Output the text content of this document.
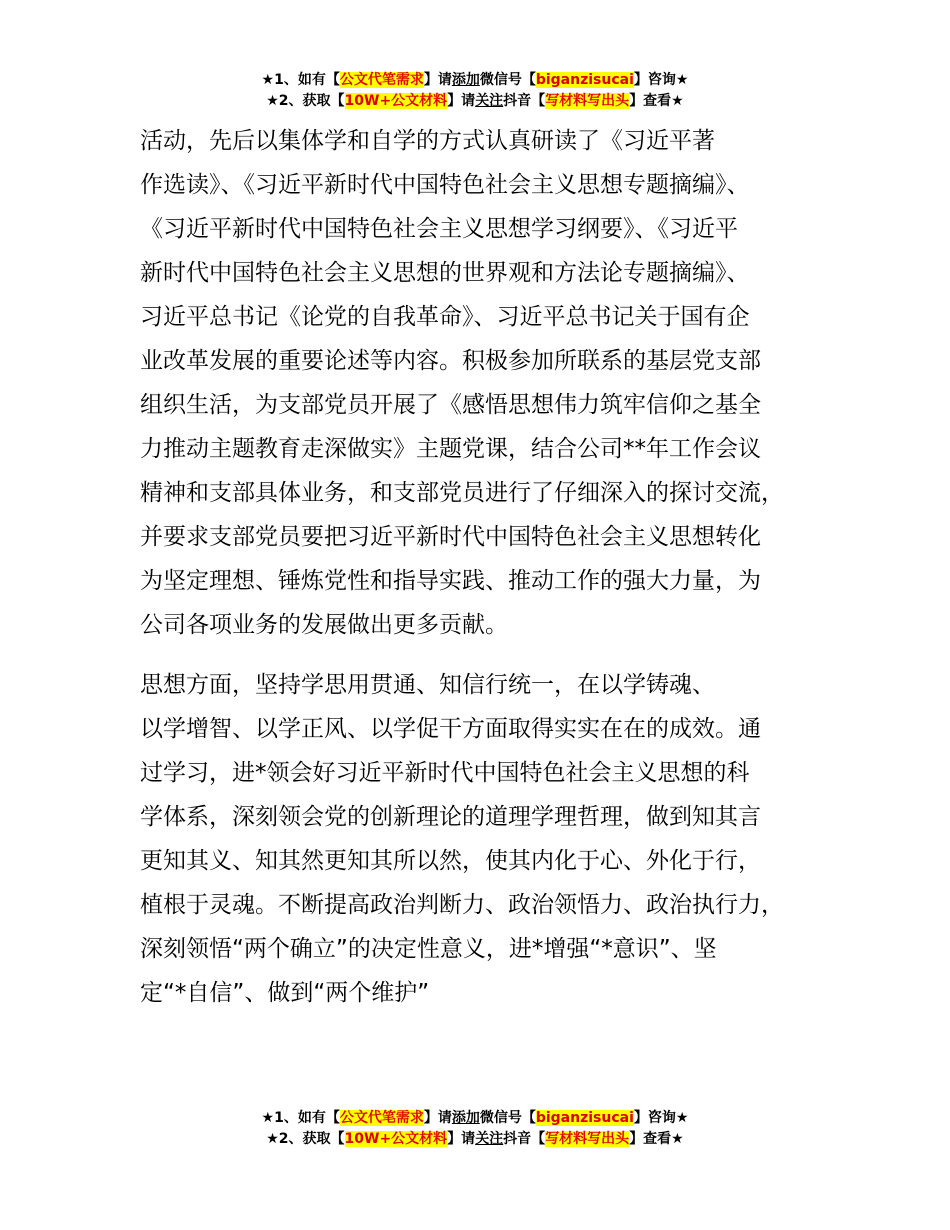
★1、如有【公文代笔需求】请添加微信号【biganzisucai】咨询★
★2、获取【10W+公文材料】请关注抖音【写材料写出头】查看★
活动，先后以集体学和自学的方式认真研读了《习近平著
作选读》、《习近平新时代中国特色社会主义思想专题摘编》、
《习近平新时代中国特色社会主义思想学习纲要》、《习近平
新时代中国特色社会主义思想的世界观和方法论专题摘编》、
习近平总书记《论党的自我革命》、习近平总书记关于国有企
业改革发展的重要论述等内容。积极参加所联系的基层党支部
组织生活，为支部党员开展了《感悟思想伟力筑牢信仰之基全
力推动主题教育走深做实》主题党课，结合公司**年工作会议
精神和支部具体业务，和支部党员进行了仔细深入的探讨交流，
并要求支部党员要把习近平新时代中国特色社会主义思想转化
为坚定理想、锤炼党性和指导实践、推动工作的强大力量，为
公司各项业务的发展做出更多贡献。
思想方面，坚持学思用贯通、知信行统一，在以学铸魂、
以学增智、以学正风、以学促干方面取得实实在在的成效。通
过学习，进*领会好习近平新时代中国特色社会主义思想的科
学体系，深刻领会党的创新理论的道理学理哲理，做到知其言
更知其义、知其然更知其所以然，使其内化于心、外化于行，
植根于灵魂。不断提高政治判断力、政治领悟力、政治执行力，
深刻领悟“两个确立”的决定性意义，进*增强“*意识”、坚
定“*自信”、做到“两个维护”
★1、如有【公文代笔需求】请添加微信号【biganzisucai】咨询★
★2、获取【10W+公文材料】请关注抖音【写材料写出头】查看★
